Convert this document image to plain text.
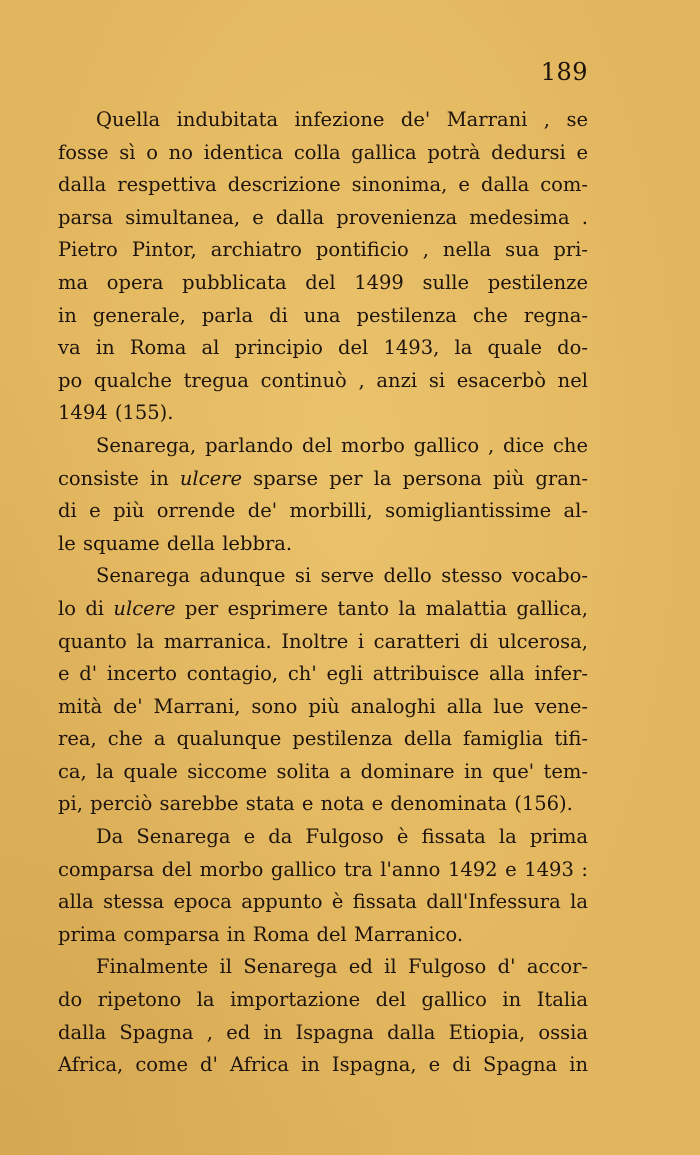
189
Quella indubitata infezione de' Marrani , se
fosse sì o no identica colla gallica potrà dedursi e
dalla respettiva descrizione sinonima, e dalla com-
parsa simultanea, e dalla provenienza medesima .
Pietro Pintor, archiatro pontificio , nella sua pri-
ma opera pubblicata del 1499 sulle pestilenze
in generale, parla di una pestilenza che regna-
va in Roma al principio del 1493, la quale do-
po qualche tregua continuò , anzi si esacerbò nel
1494 (155).
Senarega, parlando del morbo gallico , dice che
consiste in ulcere sparse per la persona più gran-
di e più orrende de' morbilli, somigliantissime al-
le squame della lebbra.
Senarega adunque si serve dello stesso vocabo-
lo di ulcere per esprimere tanto la malattia gallica,
quanto la marranica. Inoltre i caratteri di ulcerosa,
e d' incerto contagio, ch' egli attribuisce alla infer-
mità de' Marrani, sono più analoghi alla lue vene-
rea, che a qualunque pestilenza della famiglia tifi-
ca, la quale siccome solita a dominare in que' tem-
pi, perciò sarebbe stata e nota e denominata (156).
Da Senarega e da Fulgoso è fissata la prima
comparsa del morbo gallico tra l'anno 1492 e 1493 :
alla stessa epoca appunto è fissata dall'Infessura la
prima comparsa in Roma del Marranico.
Finalmente il Senarega ed il Fulgoso d' accor-
do ripetono la importazione del gallico in Italia
dalla Spagna , ed in Ispagna dalla Etiopia, ossia
Africa, come d' Africa in Ispagna, e di Spagna in
